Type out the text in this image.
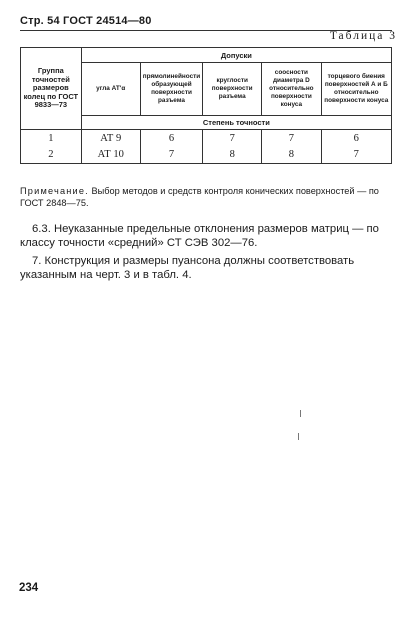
Стр. 54 ГОСТ 24514—80
Таблица 3
Группа точностей размеров колец по ГОСТ 9833—73	Допуски				
	угла АТ'α	прямолинейности образующей поверхности разъема	круглости поверхности разъема	соосности диаметра D относительно поверхности конуса	торцевого биения поверхностей А и Б относительно поверхности конуса
	Степень точности				
1	АТ 9	6	7	7	6
2	АТ 10	7	8	8	7
Примечание. Выбор методов и средств контроля конических поверхностей — по ГОСТ 2848—75.
6.3. Неуказанные предельные отклонения размеров матриц — по классу точности «средний» СТ СЭВ 302—76.
7. Конструкция и размеры пуансона должны соответствовать указанным на черт. 3 и в табл. 4.
234
